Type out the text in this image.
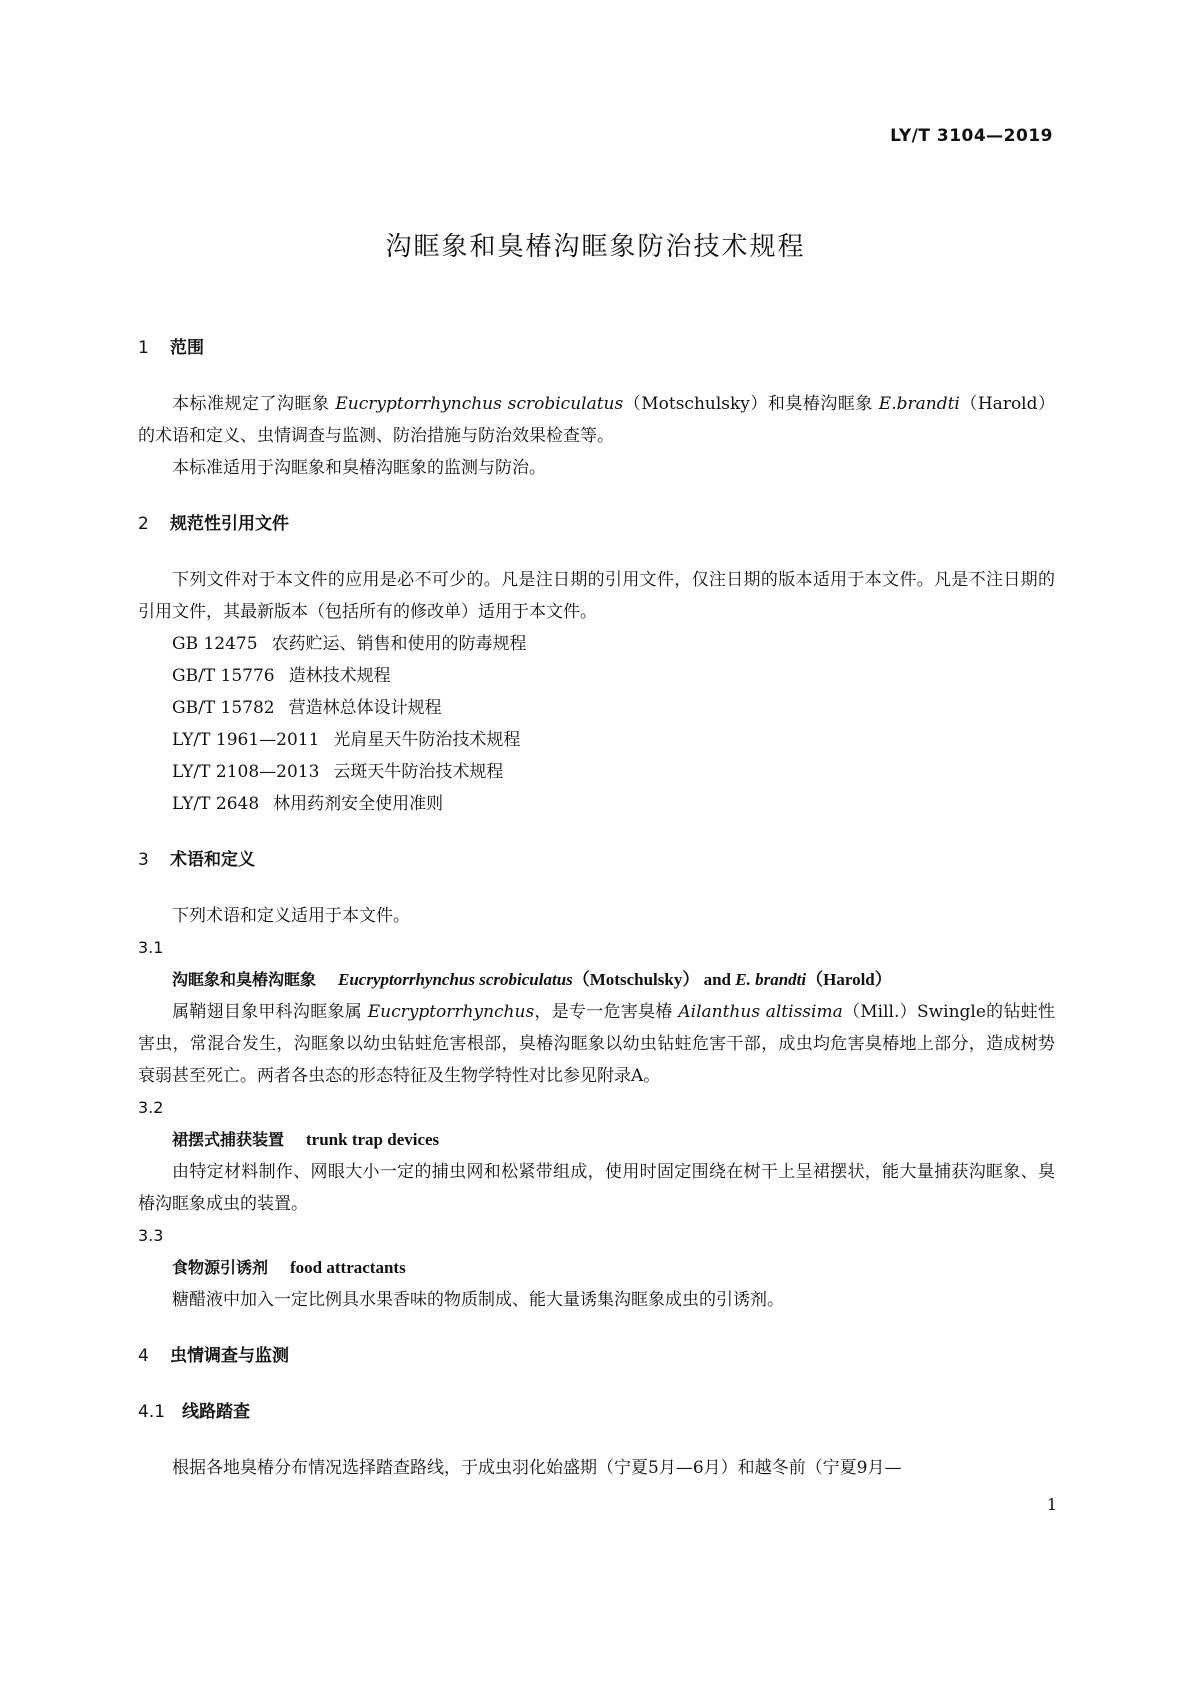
LY/T 3104—2019
沟眶象和臭椿沟眶象防治技术规程
1 范围

本标准规定了沟眶象 Eucryptorrhynchus scrobiculatus（Motschulsky）和臭椿沟眶象 E.brandti（Harold）的术语和定义、虫情调查与监测、防治措施与防治效果检查等。

本标准适用于沟眶象和臭椿沟眶象的监测与防治。

2 规范性引用文件

下列文件对于本文件的应用是必不可少的。凡是注日期的引用文件，仅注日期的版本适用于本文件。凡是不注日期的引用文件，其最新版本（包括所有的修改单）适用于本文件。

GB 12475 农药贮运、销售和使用的防毒规程
GB/T 15776 造林技术规程
GB/T 15782 营造林总体设计规程
LY/T 1961—2011 光肩星天牛防治技术规程
LY/T 2108—2013 云斑天牛防治技术规程
LY/T 2648 林用药剂安全使用准则
3 术语和定义

下列术语和定义适用于本文件。

3.1
沟眶象和臭椿沟眶象 Eucryptorrhynchus scrobiculatus（Motschulsky） and E. brandti（Harold）

属鞘翅目象甲科沟眶象属 Eucryptorrhynchus，是专一危害臭椿 Ailanthus altissima（Mill.）Swingle的钻蛀性害虫，常混合发生，沟眶象以幼虫钻蛀危害根部，臭椿沟眶象以幼虫钻蛀危害干部，成虫均危害臭椿地上部分，造成树势衰弱甚至死亡。两者各虫态的形态特征及生物学特性对比参见附录A。

3.2
裙摆式捕获装置 trunk trap devices

由特定材料制作、网眼大小一定的捕虫网和松紧带组成，使用时固定围绕在树干上呈裙摆状，能大量捕获沟眶象、臭椿沟眶象成虫的装置。

3.3
食物源引诱剂 food attractants

糖醋液中加入一定比例具水果香味的物质制成、能大量诱集沟眶象成虫的引诱剂。

4 虫情调查与监测
4.1 线路踏查

根据各地臭椿分布情况选择踏查路线，于成虫羽化始盛期（宁夏5月—6月）和越冬前（宁夏9月—

1
